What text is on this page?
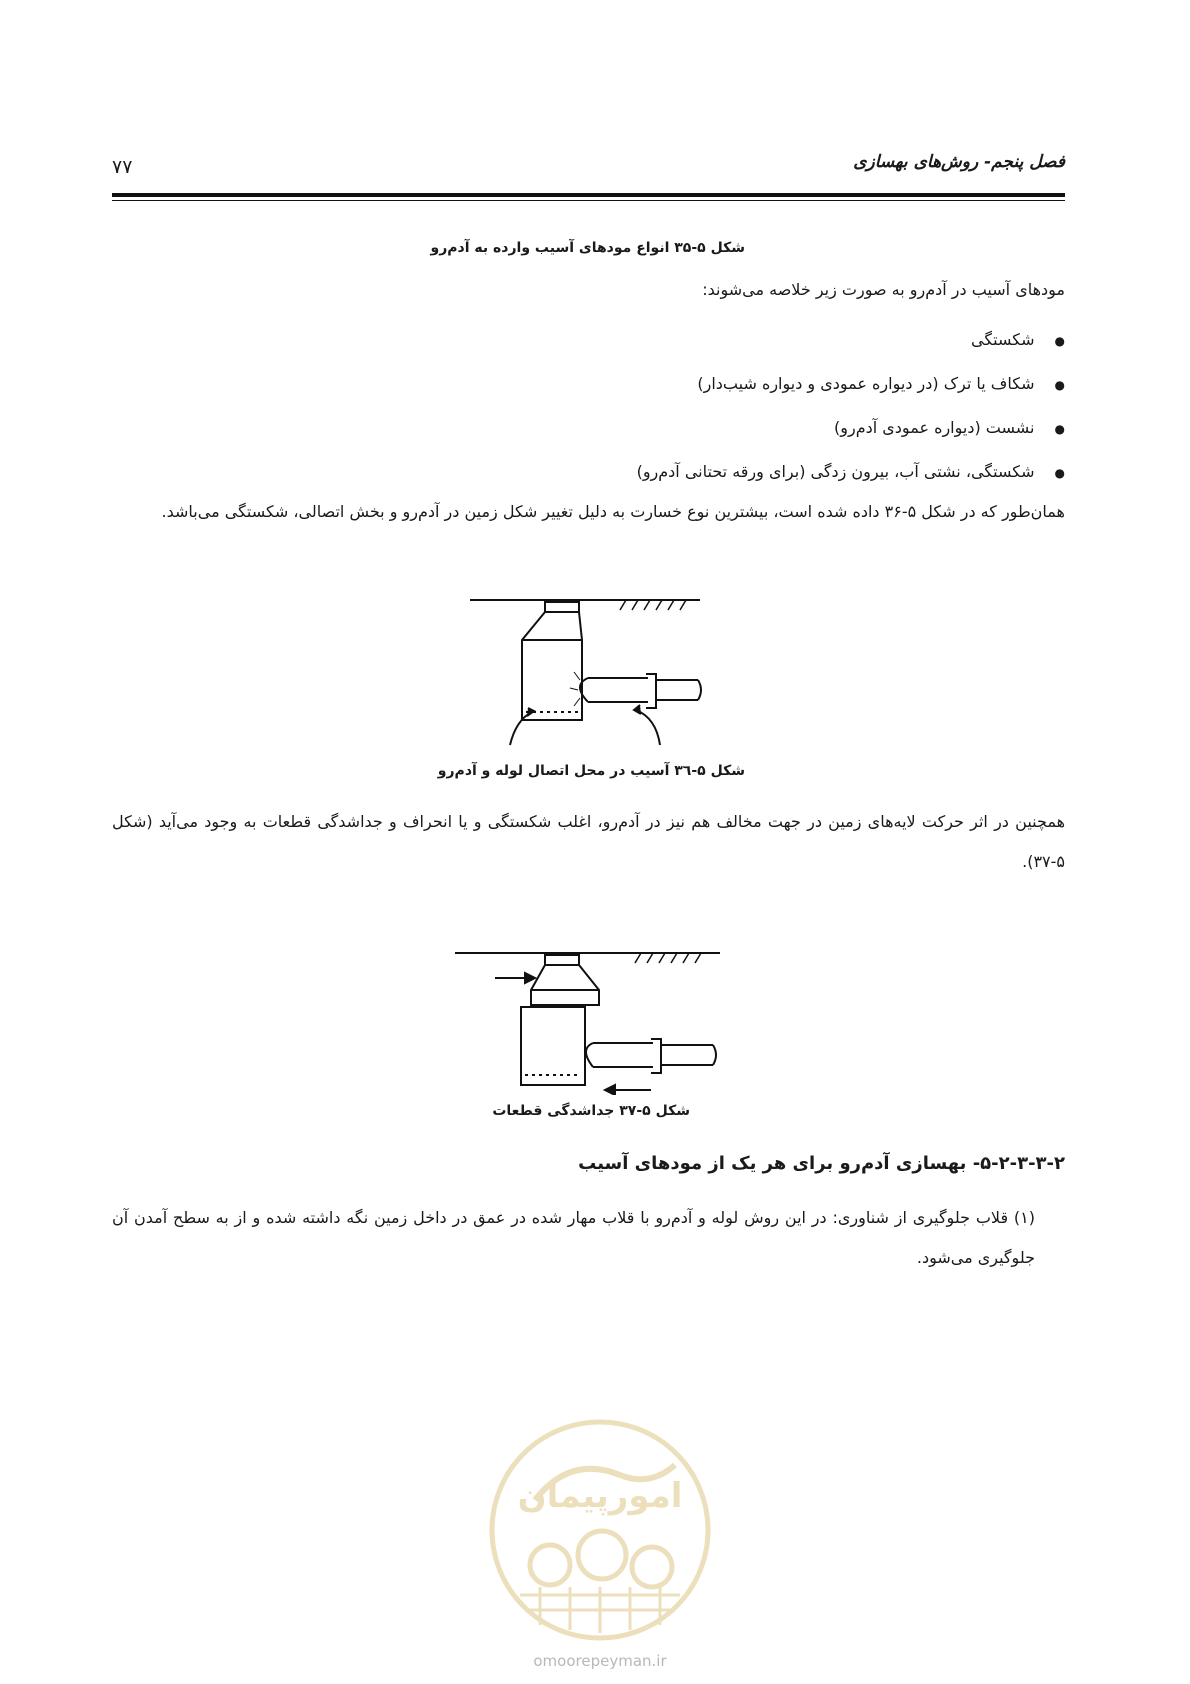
فصل پنجم- روش‌های بهسازی
۷۷
شکل ۵-۳۵ انواع مودهای آسیب وارده به آدم‌رو
مودهای آسیب در آدم‌رو به صورت زیر خلاصه می‌شوند:
●شکستگی
●شکاف یا ترک (در دیواره عمودی و دیواره شیب‌دار)
●نشست (دیواره عمودی آدم‌رو)
●شکستگی، نشتی آب، بیرون زدگی (برای ورقه تحتانی آدم‌رو)
همان‌طور که در شکل ۵-۳۶ داده شده است، بیشترین نوع خسارت به دلیل تغییر شکل زمین در آدم‌رو و بخش اتصالی، شکستگی می‌باشد.
شکل ۵-۳٦ آسیب در محل اتصال لوله و آدم‌رو
همچنین در اثر حرکت لایه‌های زمین در جهت مخالف هم نیز در آدم‌رو، اغلب شکستگی و یا انحراف و جداشدگی قطعات به وجود می‌آید (شکل ۵-۳۷).
شکل ۵-۳۷ جداشدگی قطعات
۵-۲-۳-۳-۲- بهسازی آدم‌رو برای هر یک از مودهای آسیب
(۱) قلاب جلوگیری از شناوری: در این روش لوله و آدم‌رو با قلاب مهار شده در عمق در داخل زمین نگه داشته شده و از به سطح آمدن آن جلوگیری می‌شود.
امورپیمان
omoorepeyman.ir
